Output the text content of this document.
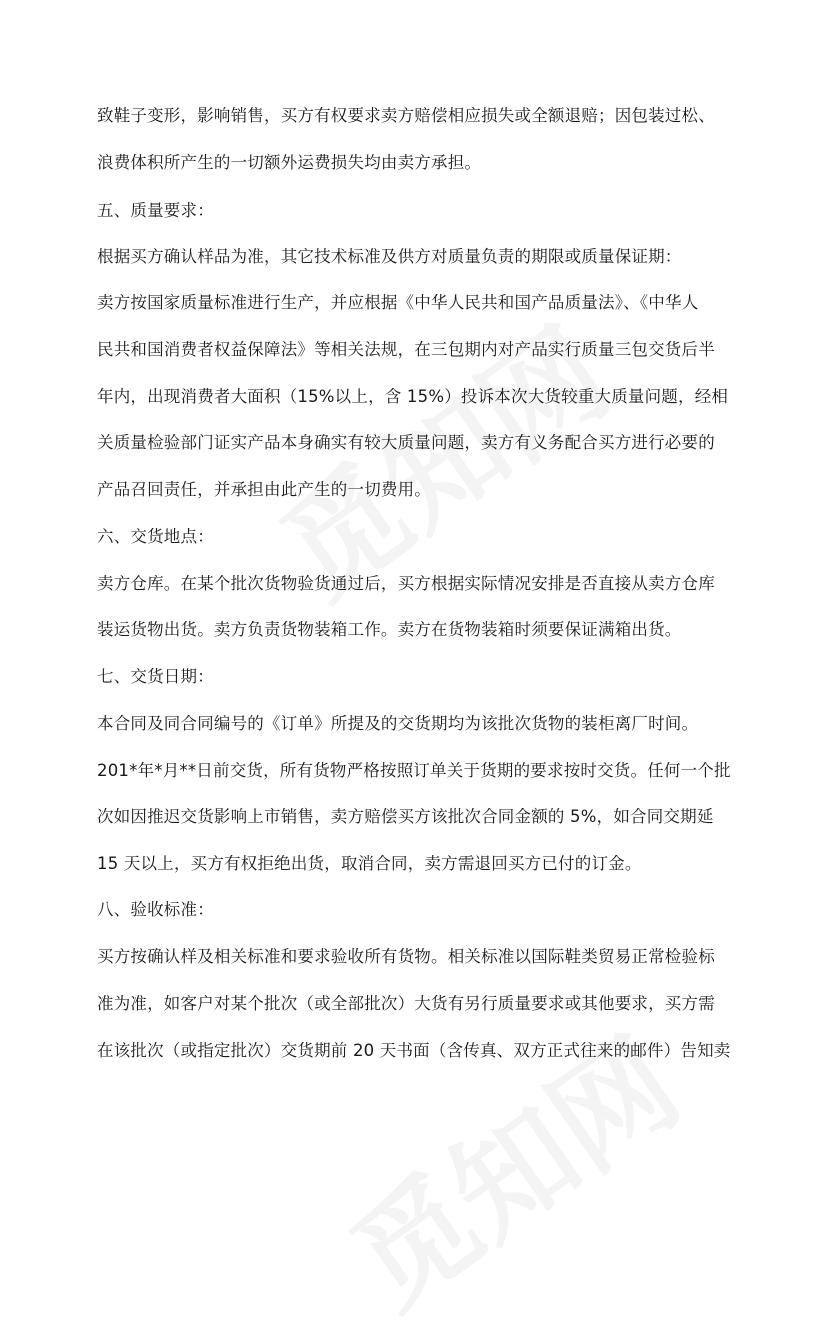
致鞋子变形，影响销售，买方有权要求卖方赔偿相应损失或全额退赔；因包装过松、
浪费体积所产生的一切额外运费损失均由卖方承担。
五、质量要求：
根据买方确认样品为准，其它技术标准及供方对质量负责的期限或质量保证期：
卖方按国家质量标准进行生产，并应根据《中华人民共和国产品质量法》、《中华人
民共和国消费者权益保障法》等相关法规，在三包期内对产品实行质量三包交货后半
年内，出现消费者大面积（15%以上，含 15%）投诉本次大货较重大质量问题，经相
关质量检验部门证实产品本身确实有较大质量问题，卖方有义务配合买方进行必要的
产品召回责任，并承担由此产生的一切费用。
六、交货地点：
卖方仓库。在某个批次货物验货通过后，买方根据实际情况安排是否直接从卖方仓库
装运货物出货。卖方负责货物装箱工作。卖方在货物装箱时须要保证满箱出货。
七、交货日期：
本合同及同合同编号的《订单》所提及的交货期均为该批次货物的装柜离厂时间。
201*年*月**日前交货，所有货物严格按照订单关于货期的要求按时交货。任何一个批
次如因推迟交货影响上市销售，卖方赔偿买方该批次合同金额的 5%，如合同交期延
15 天以上，买方有权拒绝出货，取消合同，卖方需退回买方已付的订金。
八、验收标准：
买方按确认样及相关标准和要求验收所有货物。相关标准以国际鞋类贸易正常检验标
准为准，如客户对某个批次（或全部批次）大货有另行质量要求或其他要求，买方需
在该批次（或指定批次）交货期前 20 天书面（含传真、双方正式往来的邮件）告知卖
